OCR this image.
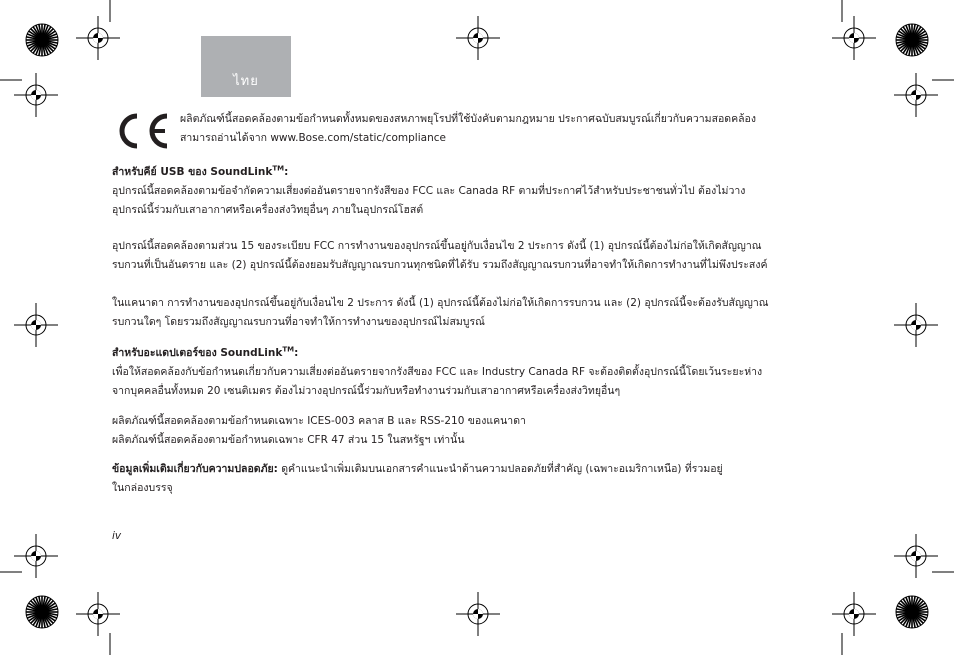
ไทย

ผลิตภัณฑ์นี้สอดคล้องตามข้อกำหนดทั้งหมดของสหภาพยุโรปที่ใช้บังคับตามกฎหมาย ประกาศฉบับสมบูรณ์เกี่ยวกับความสอดคล้อง

สามารถอ่านได้จาก www.Bose.com/static/compliance

สำหรับคีย์ USB ของ SoundLink™:

อุปกรณ์นี้สอดคล้องตามข้อจำกัดความเสี่ยงต่ออันตรายจากรังสีของ FCC และ Canada RF ตามที่ประกาศไว้สำหรับประชาชนทั่วไป ต้องไม่วาง

อุปกรณ์นี้ร่วมกับเสาอากาศหรือเครื่องส่งวิทยุอื่นๆ ภายในอุปกรณ์โฮสต์

อุปกรณ์นี้สอดคล้องตามส่วน 15 ของระเบียบ FCC การทำงานของอุปกรณ์ขึ้นอยู่กับเงื่อนไข 2 ประการ ดังนี้ (1) อุปกรณ์นี้ต้องไม่ก่อให้เกิดสัญญาณ

รบกวนที่เป็นอันตราย และ (2) อุปกรณ์นี้ต้องยอมรับสัญญาณรบกวนทุกชนิดที่ได้รับ รวมถึงสัญญาณรบกวนที่อาจทำให้เกิดการทำงานที่ไม่พึงประสงค์

ในแคนาดา การทำงานของอุปกรณ์ขึ้นอยู่กับเงื่อนไข 2 ประการ ดังนี้ (1) อุปกรณ์นี้ต้องไม่ก่อให้เกิดการรบกวน และ (2) อุปกรณ์นี้จะต้องรับสัญญาณ

รบกวนใดๆ โดยรวมถึงสัญญาณรบกวนที่อาจทำให้การทำงานของอุปกรณ์ไม่สมบูรณ์

สำหรับอะแดปเตอร์ของ SoundLink™:

เพื่อให้สอดคล้องกับข้อกำหนดเกี่ยวกับความเสี่ยงต่ออันตรายจากรังสีของ FCC และ Industry Canada RF จะต้องติดตั้งอุปกรณ์นี้โดยเว้นระยะห่าง

จากบุคคลอื่นทั้งหมด 20 เซนติเมตร ต้องไม่วางอุปกรณ์นี้ร่วมกับหรือทำงานร่วมกับเสาอากาศหรือเครื่องส่งวิทยุอื่นๆ

ผลิตภัณฑ์นี้สอดคล้องตามข้อกำหนดเฉพาะ ICES-003 คลาส B และ RSS-210 ของแคนาดา

ผลิตภัณฑ์นี้สอดคล้องตามข้อกำหนดเฉพาะ CFR 47 ส่วน 15 ในสหรัฐฯ เท่านั้น

ข้อมูลเพิ่มเติมเกี่ยวกับความปลอดภัย: ดูคำแนะนำเพิ่มเติมบนเอกสารคำแนะนำด้านความปลอดภัยที่สำคัญ (เฉพาะอเมริกาเหนือ) ที่รวมอยู่

ในกล่องบรรจุ

iv
